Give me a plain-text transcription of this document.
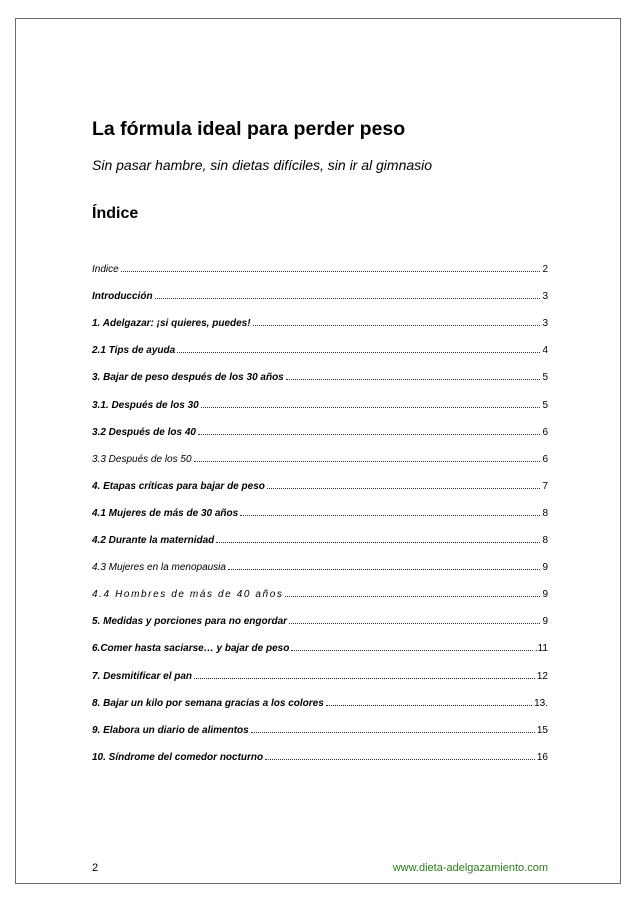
La fórmula ideal para perder peso
Sin pasar hambre, sin dietas difíciles, sin ir al gimnasio
Índice
Indice	2
Introducción	3
1. Adelgazar: ¡si quieres, puedes!	3
2.1 Tips de ayuda	4
3. Bajar de peso después de los 30 años	5
3.1. Después de los 30	5
3.2 Después de los 40	6
3.3 Después de los 50	6
4. Etapas críticas para bajar de peso	7
4.1 Mujeres de más de 30 años	8
4.2 Durante la maternidad	8
4.3 Mujeres en la menopausia	9
4.4 Hombres de más de 40 años	9
5. Medidas y porciones para no engordar	9
6.Comer hasta saciarse… y bajar de peso	.11
7. Desmitificar el pan	12
8. Bajar un kilo por semana gracias a los colores	13.
9. Elabora un diario de alimentos	15
10. Síndrome del comedor nocturno	16
2	www.dieta-adelgazamiento.com
